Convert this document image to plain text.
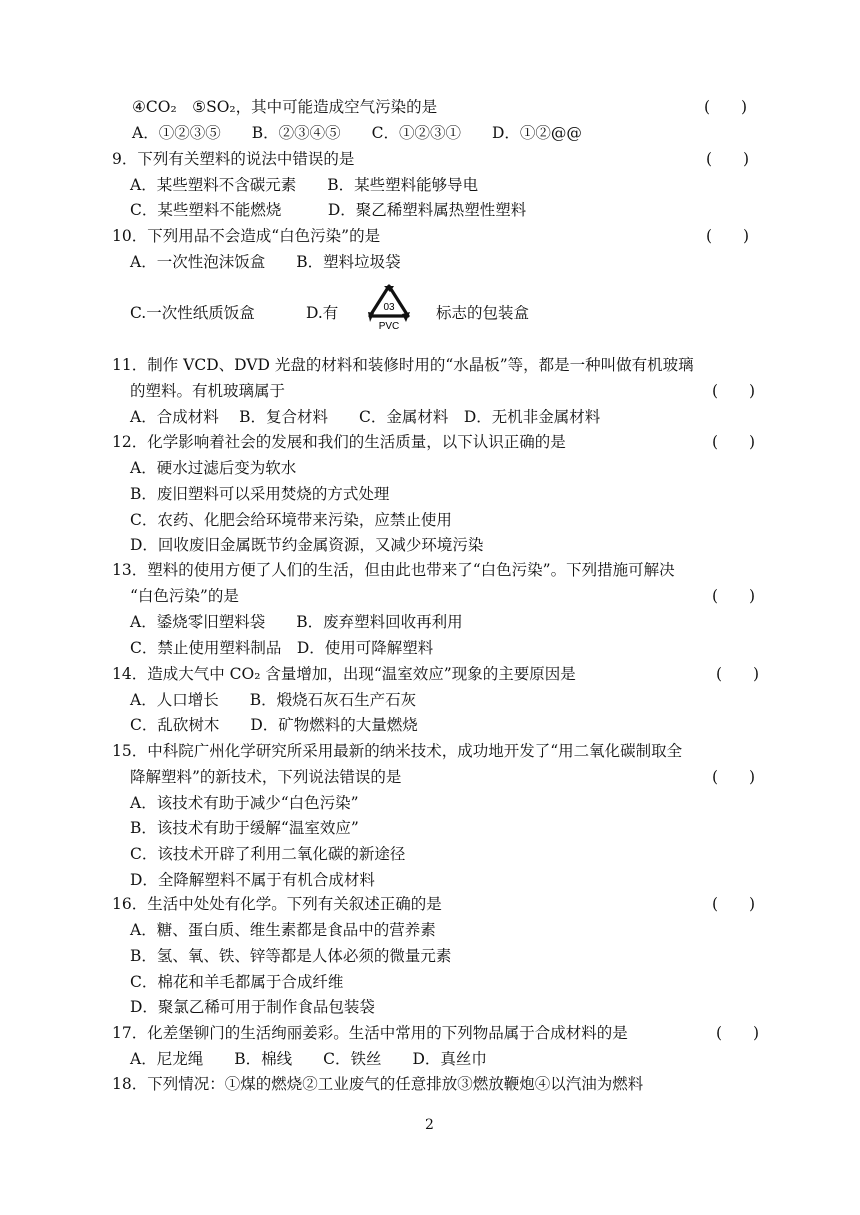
④CO₂　⑤SO₂，其中可能造成空气污染的是	(　　)
A．①②③⑤　　B．②③④⑤　　C．①②③①　　D．①②@@
9．下列有关塑料的说法中错误的是	(　　)
A．某些塑料不含碳元素　　B．某些塑料能够导电
C．某些塑料不能燃烧　　　D．聚乙稀塑料属热塑性塑料
10．下列用品不会造成“白色污染”的是	(　　)
A．一次性泡沫饭盒　　B．塑料垃圾袋
C.一次性纸质饭盒	D.有	03
PVC
标志的包装盒
11．制作 VCD、DVD 光盘的材料和装修时用的“水晶板”等，都是一种叫做有机玻璃
的塑料。有机玻璃属于	(　　)
A．合成材料　 B．复合材料　　C．金属材料　D．无机非金属材料
12．化学影响着社会的发展和我们的生活质量，以下认识正确的是	(　　)
A．硬水过滤后变为软水
B．废旧塑料可以采用焚烧的方式处理
C．农药、化肥会给环境带来污染，应禁止使用
D．回收废旧金属既节约金属资源，又减少环境污染
13．塑料的使用方便了人们的生活，但由此也带来了“白色污染”。下列措施可解决
“白色污染”的是	(　　)
A．鋈烧零旧塑料袋　　B．废弃塑料回收再利用
C．禁止使用塑料制品　D．使用可降解塑料
14．造成大气中 CO₂ 含量增加，出现“温室效应”现象的主要原因是	(　　)
A．人口增长　　B．煅烧石灰石生产石灰
C．乱砍树木　　D．矿物燃料的大量燃烧
15．中科院广州化学研究所采用最新的纳米技术，成功地开发了“用二氧化碳制取全
降解塑料”的新技术，下列说法错误的是	(　　)
A．该技术有助于减少“白色污染”
B．该技术有助于缓解“温室效应”
C．该技术开辟了利用二氧化碳的新途径
D．全降解塑料不属于有机合成材料
16．生活中处处有化学。下列有关叙述正确的是	(　　)
A．糖、蛋白质、维生素都是食品中的营养素
B．氢、氧、铁、锌等都是人体必须的微量元素
C．棉花和羊毛都属于合成纤维
D．聚氯乙稀可用于制作食品包装袋
17．化差堡铆门的生活绚丽姜彩。生活中常用的下列物品属于合成材料的是	(　　)
A．尼龙绳　　B．棉线　　C．铁丝　　D．真丝巾
18．下列情况：①煤的燃烧②工业废气的任意排放③燃放鞭炮④以汽油为燃料
2
